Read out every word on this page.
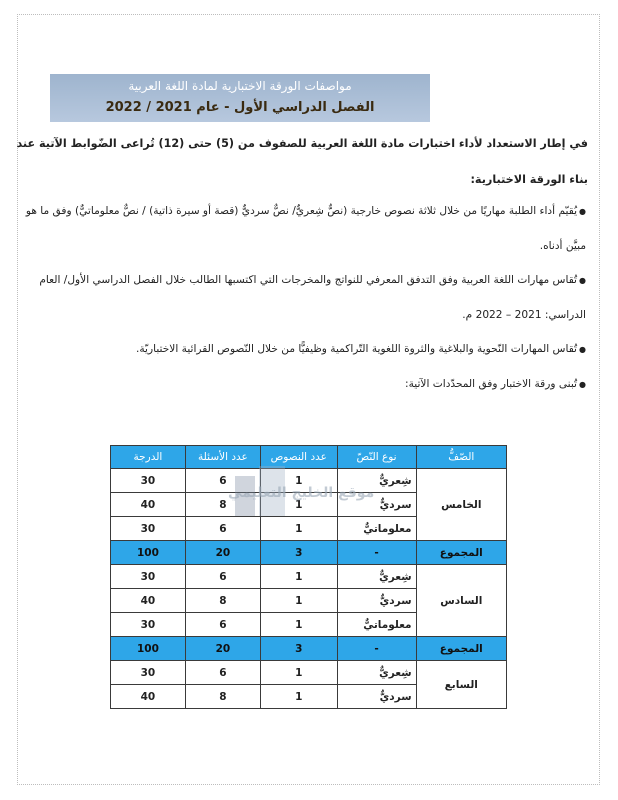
مواصفات الورقة الاختبارية لمادة اللغة العربية
الفصل الدراسي الأول - عام 2021 / 2022
في إطار الاستعداد لأداء اختبارات مادة اللغة العربية للصفوف من (5) حتى (12) تُراعى الضّوابط الآتية عند بناء الورقة الاختبارية:
● يُقيّم أداء الطلبة مهاريًا من خلال ثلاثة نصوص خارجية (نصٌّ شِعريٌّ/ نصٌّ سرديٌّ (قصة أو سيرة ذاتية) / نصٌّ معلوماتيٌّ) وفق ما هو مبيَّن أدناه.
● تُقاس مهارات اللغة العربية وفق التدفق المعرفي للنواتج والمخرجات التي اكتسبها الطالب خلال الفصل الدراسي الأول/ العام الدراسي: 2021 – 2022 م.
● تُقاس المهارات النّحوية والبلاغية والثروة اللغوية التّراكمية وظيفيًّا من خلال النّصوص القرائية الاختباريّة.
● تُبنى ورقة الاختبار وفق المحدّدات الآتية:
الصّفُّ	نوع النّصّ	عدد النصوص	عدد الأسئلة	الدرجة
الخامس	شِعريٌّ	1	6	30
	سرديٌّ	1	8	40
	معلوماتيٌّ	1	6	30
المجموع	-	3	20	100
السادس	شِعريٌّ	1	6	30
	سرديٌّ	1	8	40
	معلوماتيٌّ	1	6	30
المجموع	-	3	20	100
السابع	شِعريٌّ	1	6	30
	سرديٌّ	1	8	40
موقع الخليج التعليمي
